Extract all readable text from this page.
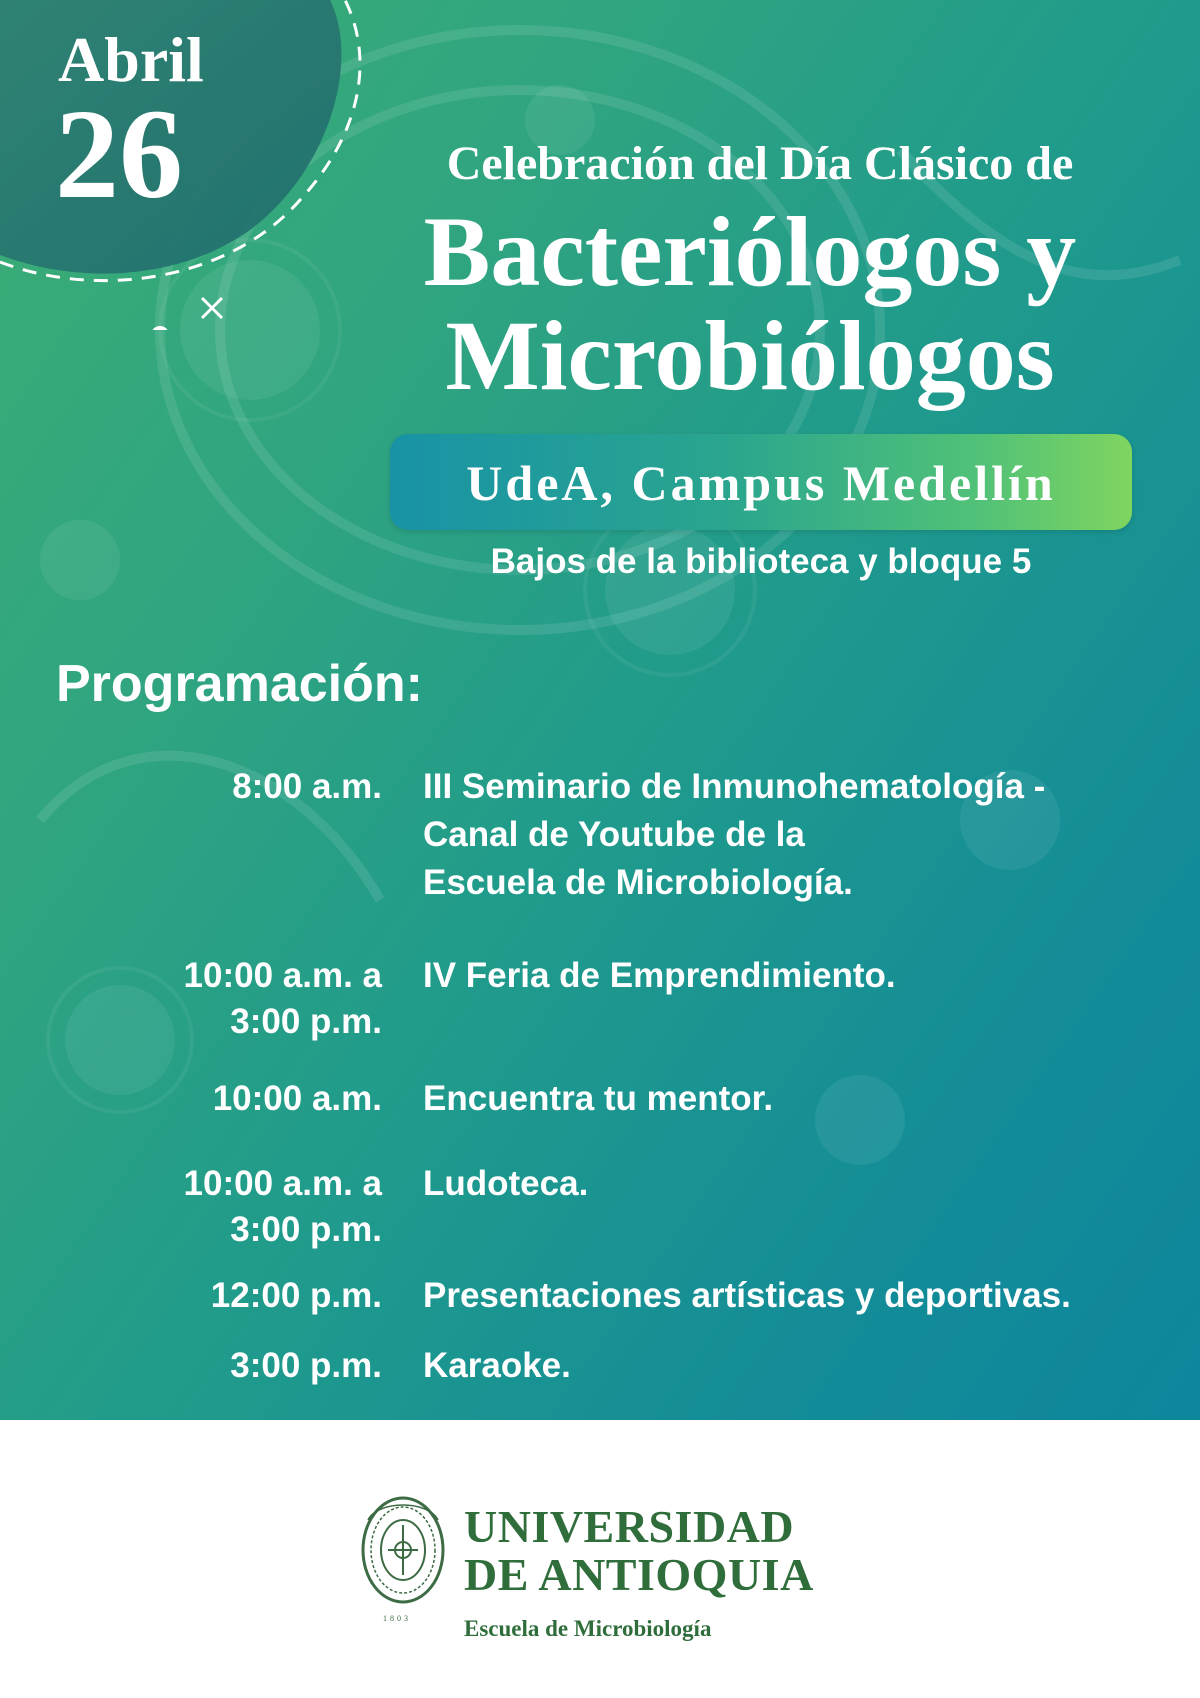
Abril
26	Celebración del Día Clásico de
Bacteriólogos y
Microbiólogos
UdeA, Campus Medellín
Bajos de la biblioteca y bloque 5
Programación:
8:00 a.m. III Seminario de Inmunohematología -
Canal de Youtube de la
Escuela de Microbiología.
10:00 a.m. a
3:00 p.m.
IV Feria de Emprendimiento.
10:00 a.m. Encuentra tu mentor.
10:00 a.m. a
3:00 p.m.
Ludoteca.
12:00 p.m. Presentaciones artísticas y deportivas.
3:00 p.m. Karaoke.
1803
UNIVERSIDAD
DE ANTIOQUIA
Escuela de Microbiología
